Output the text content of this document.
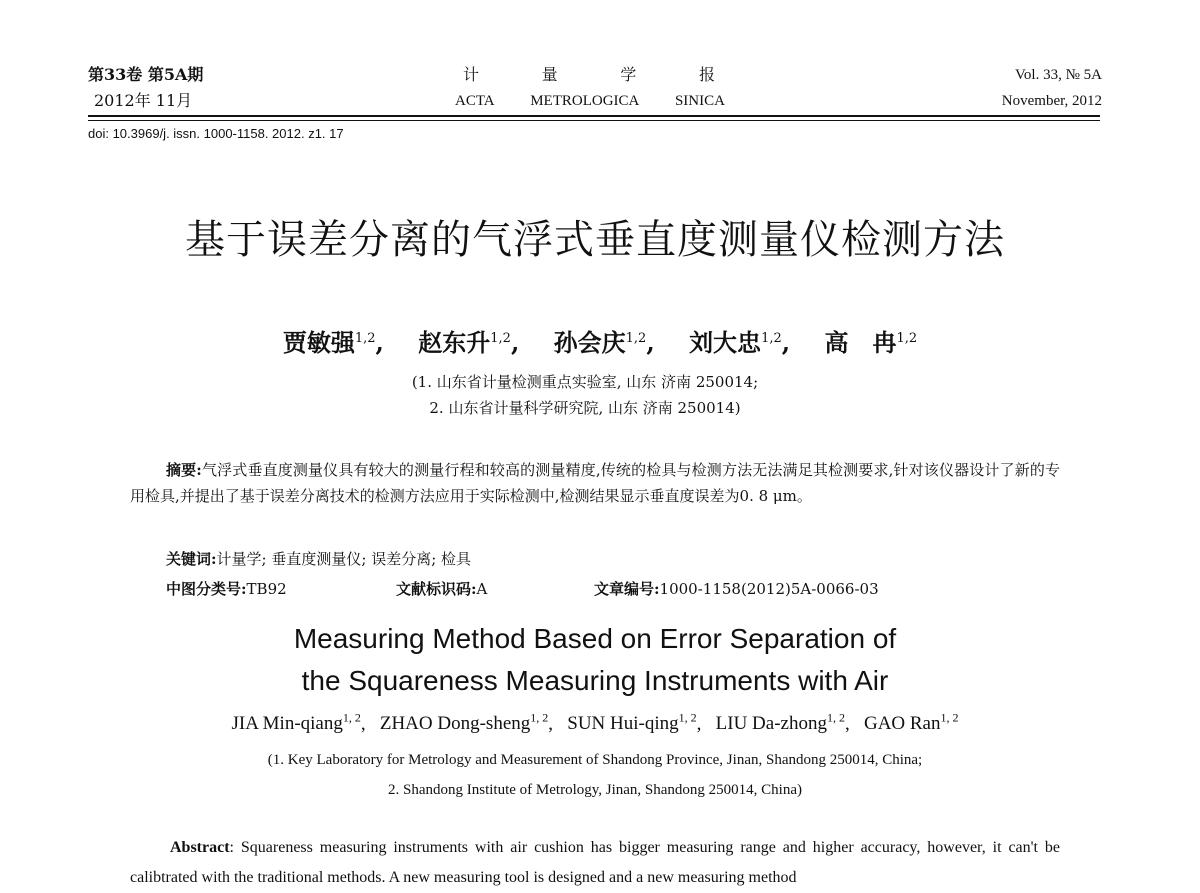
第33卷 第5A期
2012年 11月
计	量	学	报
ACTA METROLOGICA SINICA
Vol. 33, № 5A
November, 2012
doi: 10.3969/j. issn. 1000-1158. 2012. z1. 17
基于误差分离的气浮式垂直度测量仪检测方法
贾敏强$^{1,2}$, 赵东升$^{1,2}$, 孙会庆$^{1,2}$, 刘大忠$^{1,2}$, 高　冉$^{1,2}$
(1. 山东省计量检测重点实验室, 山东 济南 250014;
2. 山东省计量科学研究院, 山东 济南 250014)
摘要:气浮式垂直度测量仪具有较大的测量行程和较高的测量精度,传统的检具与检测方法无法满足其检测要求,针对该仪器设计了新的专用检具,并提出了基于误差分离技术的检测方法应用于实际检测中,检测结果显示垂直度误差为0. 8 μm。
关键词:计量学; 垂直度测量仪; 误差分离; 检具
中图分类号:TB92	文献标识码:A	文章编号:1000-1158(2012)5A-0066-03
Measuring Method Based on Error Separation of
the Squareness Measuring Instruments with Air
JIA Min-qiang$^{1, 2}$,   ZHAO Dong-sheng$^{1, 2}$,   SUN Hui-qing$^{1, 2}$,   LIU Da-zhong$^{1, 2}$,   GAO Ran$^{1, 2}$
(1. Key Laboratory for Metrology and Measurement of Shandong Province, Jinan, Shandong 250014, China;
2. Shandong Institute of Metrology, Jinan, Shandong 250014, China)
Abstract: Squareness measuring instruments with air cushion has bigger measuring range and higher accuracy, however, it can't be calibtrated with the traditional methods. A new measuring tool is designed and a new measuring method
